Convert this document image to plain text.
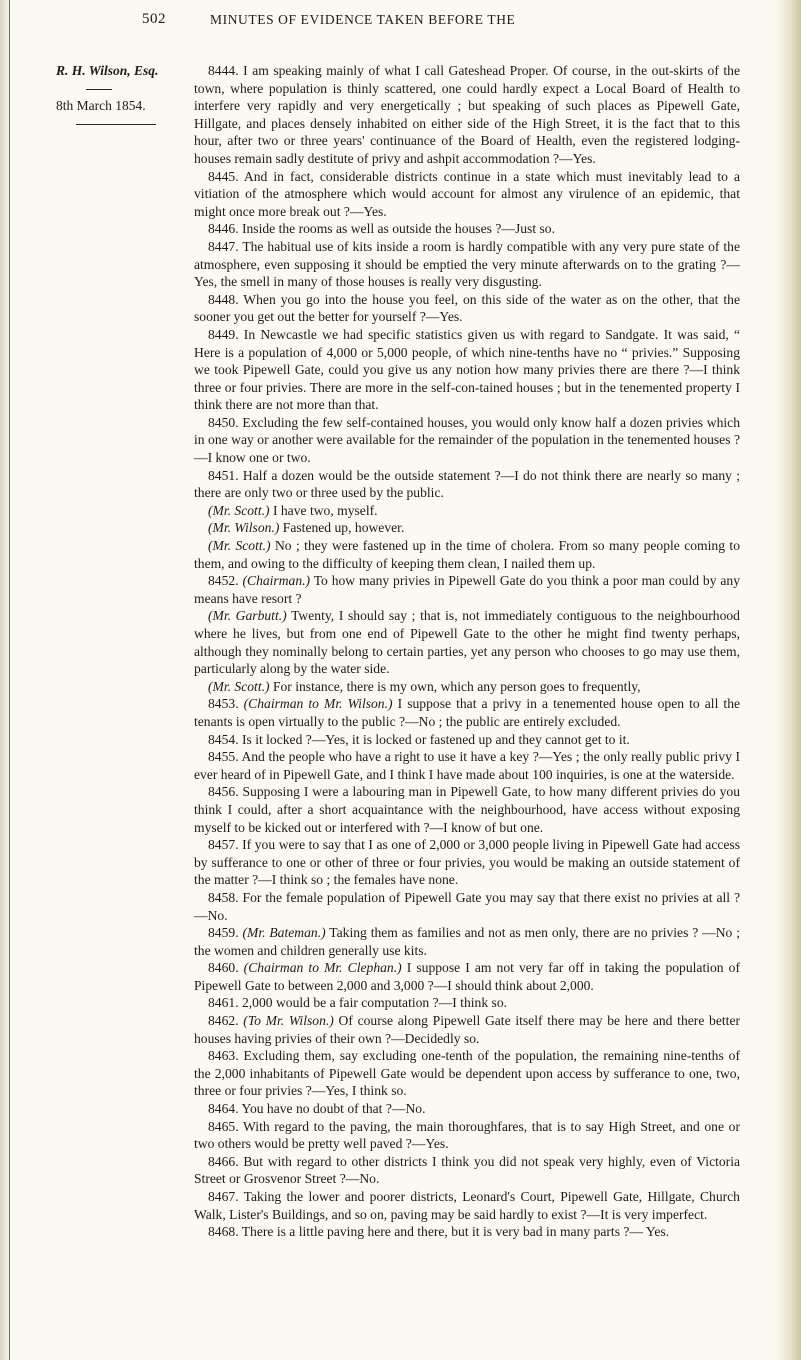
502	MINUTES OF EVIDENCE TAKEN BEFORE THE
R. H. Wilson, Esq.
8th March 1854.

8444. I am speaking mainly of what I call Gateshead Proper. Of course, in the out-skirts of the town, where population is thinly scattered, one could hardly expect a Local Board of Health to interfere very rapidly and very energetically ; but speaking of such places as Pipewell Gate, Hillgate, and places densely inhabited on either side of the High Street, it is the fact that to this hour, after two or three years' continuance of the Board of Health, even the registered lodging-houses remain sadly destitute of privy and ashpit accommodation ?—Yes.

8445. And in fact, considerable districts continue in a state which must inevitably lead to a vitiation of the atmosphere which would account for almost any virulence of an epidemic, that might once more break out ?—Yes.

8446. Inside the rooms as well as outside the houses ?—Just so.

8447. The habitual use of kits inside a room is hardly compatible with any very pure state of the atmosphere, even supposing it should be emptied the very minute afterwards on to the grating ?—Yes, the smell in many of those houses is really very disgusting.

8448. When you go into the house you feel, on this side of the water as on the other, that the sooner you get out the better for yourself ?—Yes.

8449. In Newcastle we had specific statistics given us with regard to Sandgate. It was said, “ Here is a population of 4,000 or 5,000 people, of which nine-tenths have no “ privies.” Supposing we took Pipewell Gate, could you give us any notion how many privies there are there ?—I think three or four privies. There are more in the self-con-tained houses ; but in the tenemented property I think there are not more than that.

8450. Excluding the few self-contained houses, you would only know half a dozen privies which in one way or another were available for the remainder of the population in the tenemented houses ?—I know one or two.

8451. Half a dozen would be the outside statement ?—I do not think there are nearly so many ; there are only two or three used by the public.

(Mr. Scott.) I have two, myself.

(Mr. Wilson.) Fastened up, however.

(Mr. Scott.) No ; they were fastened up in the time of cholera. From so many people coming to them, and owing to the difficulty of keeping them clean, I nailed them up.

8452. (Chairman.) To how many privies in Pipewell Gate do you think a poor man could by any means have resort ?

(Mr. Garbutt.) Twenty, I should say ; that is, not immediately contiguous to the neighbourhood where he lives, but from one end of Pipewell Gate to the other he might find twenty perhaps, although they nominally belong to certain parties, yet any person who chooses to go may use them, particularly along by the water side.

(Mr. Scott.) For instance, there is my own, which any person goes to frequently,

8453. (Chairman to Mr. Wilson.) I suppose that a privy in a tenemented house open to all the tenants is open virtually to the public ?—No ; the public are entirely excluded.

8454. Is it locked ?—Yes, it is locked or fastened up and they cannot get to it.

8455. And the people who have a right to use it have a key ?—Yes ; the only really public privy I ever heard of in Pipewell Gate, and I think I have made about 100 inquiries, is one at the waterside.

8456. Supposing I were a labouring man in Pipewell Gate, to how many different privies do you think I could, after a short acquaintance with the neighbourhood, have access without exposing myself to be kicked out or interfered with ?—I know of but one.

8457. If you were to say that I as one of 2,000 or 3,000 people living in Pipewell Gate had access by sufferance to one or other of three or four privies, you would be making an outside statement of the matter ?—I think so ; the females have none.

8458. For the female population of Pipewell Gate you may say that there exist no privies at all ?—No.

8459. (Mr. Bateman.) Taking them as families and not as men only, there are no privies ? —No ; the women and children generally use kits.

8460. (Chairman to Mr. Clephan.) I suppose I am not very far off in taking the population of Pipewell Gate to between 2,000 and 3,000 ?—I should think about 2,000.

8461. 2,000 would be a fair computation ?—I think so.

8462. (To Mr. Wilson.) Of course along Pipewell Gate itself there may be here and there better houses having privies of their own ?—Decidedly so.

8463. Excluding them, say excluding one-tenth of the population, the remaining nine-tenths of the 2,000 inhabitants of Pipewell Gate would be dependent upon access by sufferance to one, two, three or four privies ?—Yes, I think so.

8464. You have no doubt of that ?—No.

8465. With regard to the paving, the main thoroughfares, that is to say High Street, and one or two others would be pretty well paved ?—Yes.

8466. But with regard to other districts I think you did not speak very highly, even of Victoria Street or Grosvenor Street ?—No.

8467. Taking the lower and poorer districts, Leonard's Court, Pipewell Gate, Hillgate, Church Walk, Lister's Buildings, and so on, paving may be said hardly to exist ?—It is very imperfect.

8468. There is a little paving here and there, but it is very bad in many parts ?— Yes.
